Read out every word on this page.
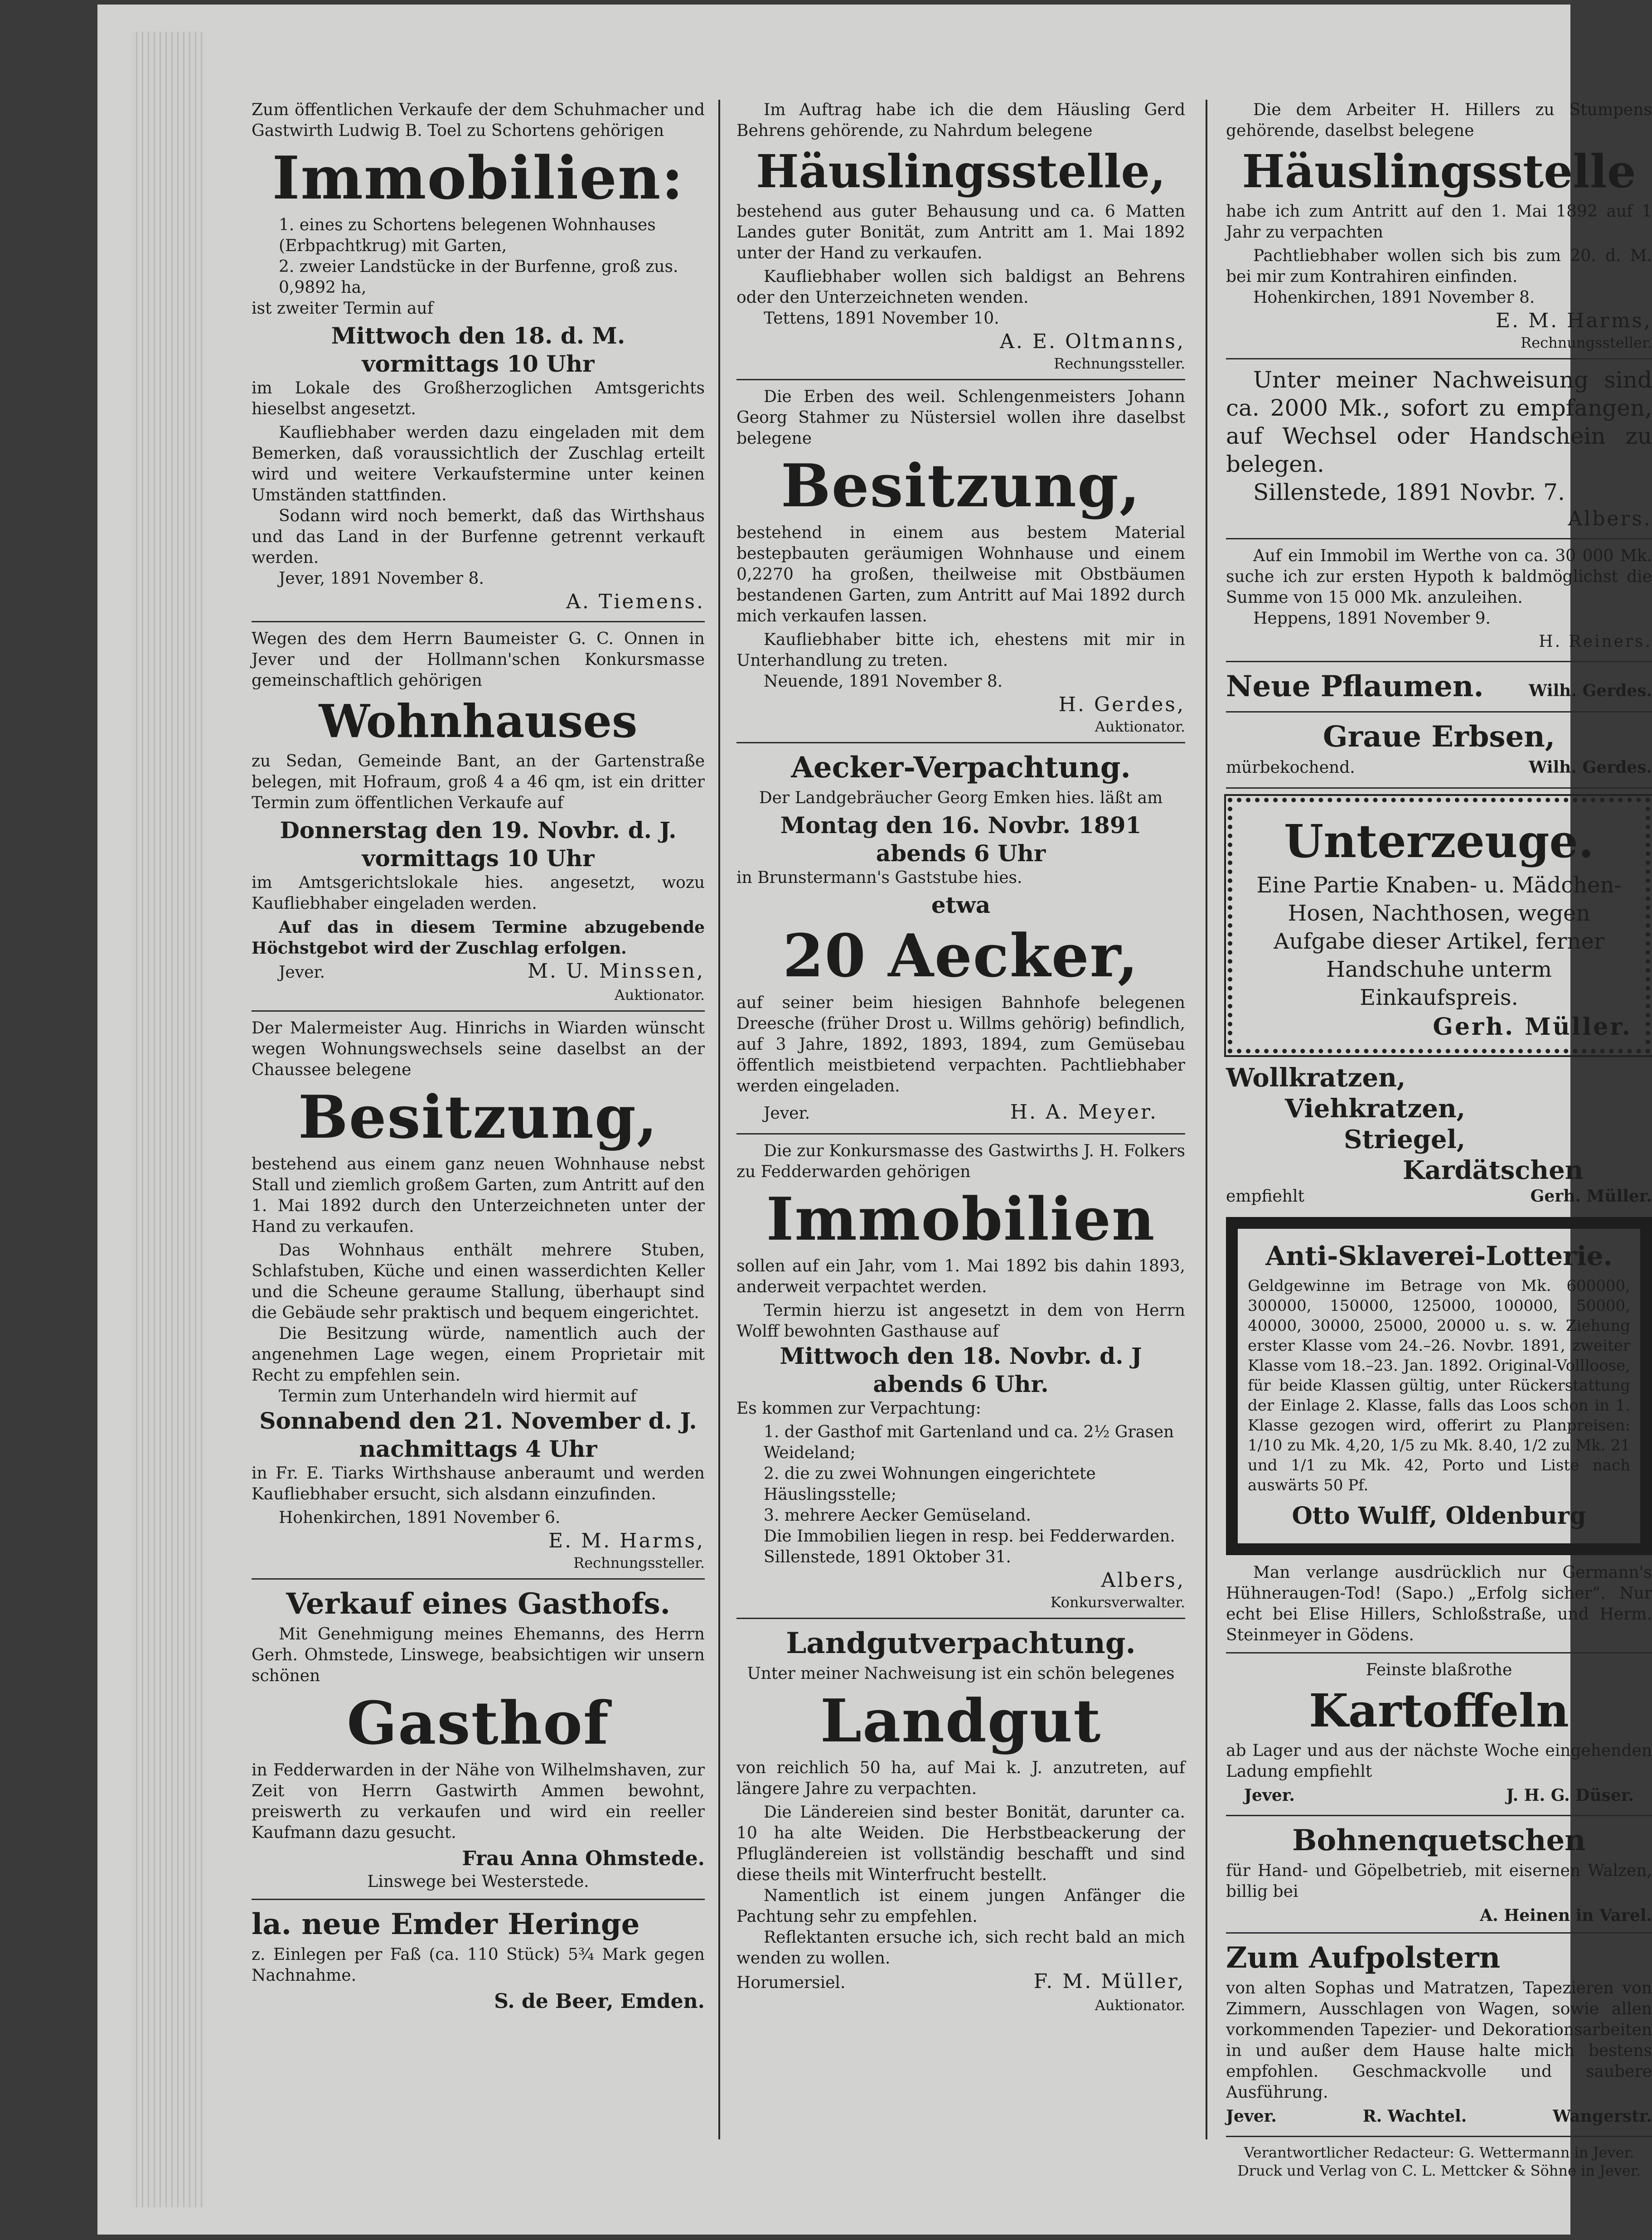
Zum öffentlichen Verkaufe der dem Schuhmacher und Gastwirth Ludwig B. Toel zu Schortens gehörigen

Immobilien:

1. eines zu Schortens belegenen Wohnhauses (Erbpachtkrug) mit Garten,

2. zweier Landstücke in der Burfenne, groß zus. 0,9892 ha,

ist zweiter Termin auf

Mittwoch den 18. d. M.

vormittags 10 Uhr

im Lokale des Großherzoglichen Amtsgerichts hieselbst angesetzt.

Kaufliebhaber werden dazu eingeladen mit dem Bemerken, daß voraussichtlich der Zuschlag erteilt wird und weitere Verkaufstermine unter keinen Umständen stattfinden.

Sodann wird noch bemerkt, daß das Wirthshaus und das Land in der Burfenne getrennt verkauft werden.

Jever, 1891 November 8.

A. Tiemens.

Wegen des dem Herrn Baumeister G. C. Onnen in Jever und der Hollmann'schen Konkursmasse gemeinschaftlich gehörigen

Wohnhauses

zu Sedan, Gemeinde Bant, an der Gartenstraße belegen, mit Hofraum, groß 4 a 46 qm, ist ein dritter Termin zum öffentlichen Verkaufe auf

Donnerstag den 19. Novbr. d. J.

vormittags 10 Uhr

im Amtsgerichtslokale hies. angesetzt, wozu Kaufliebhaber eingeladen werden.

Auf das in diesem Termine abzugebende Höchstgebot wird der Zuschlag erfolgen.

Jever.	M. U. Minssen,

Auktionator.

Der Malermeister Aug. Hinrichs in Wiarden wünscht wegen Wohnungswechsels seine daselbst an der Chaussee belegene

Besitzung,

bestehend aus einem ganz neuen Wohnhause nebst Stall und ziemlich großem Garten, zum Antritt auf den 1. Mai 1892 durch den Unterzeichneten unter der Hand zu verkaufen.

Das Wohnhaus enthält mehrere Stuben, Schlafstuben, Küche und einen wasserdichten Keller und die Scheune geraume Stallung, überhaupt sind die Gebäude sehr praktisch und bequem eingerichtet.

Die Besitzung würde, namentlich auch der angenehmen Lage wegen, einem Proprietair mit Recht zu empfehlen sein.

Termin zum Unterhandeln wird hiermit auf

Sonnabend den 21. November d. J.

nachmittags 4 Uhr

in Fr. E. Tiarks Wirthshause anberaumt und werden Kaufliebhaber ersucht, sich alsdann einzufinden.

Hohenkirchen, 1891 November 6.

E. M. Harms,

Rechnungssteller.

Verkauf eines Gasthofs.

Mit Genehmigung meines Ehemanns, des Herrn Gerh. Ohmstede, Linswege, beabsichtigen wir unsern schönen

Gasthof

in Fedderwarden in der Nähe von Wilhelmshaven, zur Zeit von Herrn Gastwirth Ammen bewohnt, preiswerth zu verkaufen und wird ein reeller Kaufmann dazu gesucht.

Frau Anna Ohmstede.

Linswege bei Westerstede.

la. neue Emder Heringe

z. Einlegen per Faß (ca. 110 Stück) 5¾ Mark gegen Nachnahme.

S. de Beer, Emden.

Im Auftrag habe ich die dem Häusling Gerd Behrens gehörende, zu Nahrdum belegene

Häuslingsstelle,

bestehend aus guter Behausung und ca. 6 Matten Landes guter Bonität, zum Antritt am 1. Mai 1892 unter der Hand zu verkaufen.

Kaufliebhaber wollen sich baldigst an Behrens oder den Unterzeichneten wenden.

Tettens, 1891 November 10.

A. E. Oltmanns,

Rechnungssteller.

Die Erben des weil. Schlengenmeisters Johann Georg Stahmer zu Nüstersiel wollen ihre daselbst belegene

Besitzung,

bestehend in einem aus bestem Material bestерbauten geräumigen Wohnhause und einem 0,2270 ha großen, theilweise mit Obstbäumen bestandenen Garten, zum Antritt auf Mai 1892 durch mich verkaufen lassen.

Kaufliebhaber bitte ich, ehestens mit mir in Unterhandlung zu treten.

Neuende, 1891 November 8.

H. Gerdes,

Auktionator.

Aecker-Verpachtung.

Der Landgebräucher Georg Emken hies. läßt am

Montag den 16. Novbr. 1891

abends 6 Uhr

in Brunstermann's Gaststube hies.

etwa

20 Aecker,

auf seiner beim hiesigen Bahnhofe belegenen Dreesche (früher Drost u. Willms gehörig) befindlich, auf 3 Jahre, 1892, 1893, 1894, zum Gemüsebau öffentlich meistbietend verpachten. Pachtliebhaber werden eingeladen.

Jever.	H. A. Meyer.

Die zur Konkursmasse des Gastwirths J. H. Folkers zu Fedderwarden gehörigen

Immobilien

sollen auf ein Jahr, vom 1. Mai 1892 bis dahin 1893, anderweit verpachtet werden.

Termin hierzu ist angesetzt in dem von Herrn Wolff bewohnten Gasthause auf

Mittwoch den 18. Novbr. d. J

abends 6 Uhr.

Es kommen zur Verpachtung:

1. der Gasthof mit Gartenland und ca. 2½ Grasen Weideland;

2. die zu zwei Wohnungen eingerichtete Häuslingsstelle;

3. mehrere Aecker Gemüseland.

Die Immobilien liegen in resp. bei Fedderwarden.

Sillenstede, 1891 Oktober 31.

Albers,

Konkursverwalter.

Landgutverpachtung.

Unter meiner Nachweisung ist ein schön belegenes

Landgut

von reichlich 50 ha, auf Mai k. J. anzutreten, auf längere Jahre zu verpachten.

Die Ländereien sind bester Bonität, darunter ca. 10 ha alte Weiden. Die Herbstbeackerung der Pflugländereien ist vollständig beschafft und sind diese theils mit Winterfrucht bestellt.

Namentlich ist einem jungen Anfänger die Pachtung sehr zu empfehlen.

Reflektanten ersuche ich, sich recht bald an mich wenden zu wollen.

Horumersiel.	F. M. Müller,

Auktionator.

Die dem Arbeiter H. Hillers zu Stumpens gehörende, daselbst belegene

Häuslingsstelle

habe ich zum Antritt auf den 1. Mai 1892 auf 1 Jahr zu verpachten

Pachtliebhaber wollen sich bis zum 20. d. M. bei mir zum Kontrahiren einfinden.

Hohenkirchen, 1891 November 8.

E. M. Harms,

Rechnungssteller.

Unter meiner Nachweisung sind ca. 2000 Mk., sofort zu empfangen, auf Wechsel oder Handschein zu belegen.

Sillenstede, 1891 Novbr. 7.

Albers.

Auf ein Immobil im Werthe von ca. 30 000 Mk. suche ich zur ersten Hypoth k baldmöglichst die Summe von 15 000 Mk. anzuleihen.

Heppens, 1891 November 9.

H. Reiners.

Neue Pflaumen.	Wilh. Gerdes.
Graue Erbsen,
mürbekochend.	Wilh. Gerdes.
Unterzeuge.

Eine Partie Knaben- u. Mädchen-Hosen, Nachthosen, wegen Aufgabe dieser Artikel, ferner Handschuhe unterm Einkaufspreis.

Gerh. Müller.

Wollkratzen,
Viehkratzen,
Striegel,
Kardätschen
empfiehlt	Gerh. Müller.
Anti-Sklaverei-Lotterie.

Geldgewinne im Betrage von Mk. 600000, 300000, 150000, 125000, 100000, 50000, 40000, 30000, 25000, 20000 u. s. w. Ziehung erster Klasse vom 24.–26. Novbr. 1891, zweiter Klasse vom 18.–23. Jan. 1892. Original-Vollloose, für beide Klassen gültig, unter Rückerstattung der Einlage 2. Klasse, falls das Loos schon in 1. Klasse gezogen wird, offerirt zu Planpreisen: 1/10 zu Mk. 4,20, 1/5 zu Mk. 8.40, 1/2 zu Mk. 21 und 1/1 zu Mk. 42, Porto und Liste nach auswärts 50 Pf.

Otto Wulff, Oldenburg

Man verlange ausdrücklich nur Germann's Hühneraugen-Tod! (Sapo.) „Erfolg sicher“. Nur echt bei Elise Hillers, Schloßstraße, und Herm. Steinmeyer in Gödens.

Feinste blaßrothe

Kartoffeln

ab Lager und aus der nächste Woche eingehenden Ladung empfiehlt

Jever.	J. H. G. Düser.
Bohnenquetschen

für Hand- und Göpelbetrieb, mit eisernen Walzen, billig bei

A. Heinen in Varel.

Zum Aufpolstern

von alten Sophas und Matratzen, Tapezieren von Zimmern, Ausschlagen von Wagen, sowie allen vorkommenden Tapezier- und Dekorationsarbeiten in und außer dem Hause halte mich bestens empfohlen. Geschmackvolle und saubere Ausführung.

Jever.	R. Wachtel.	Wangerstr.

Verantwortlicher Redacteur: G. Wettermann in Jever.

Druck und Verlag von C. L. Mettcker & Söhne in Jever.
